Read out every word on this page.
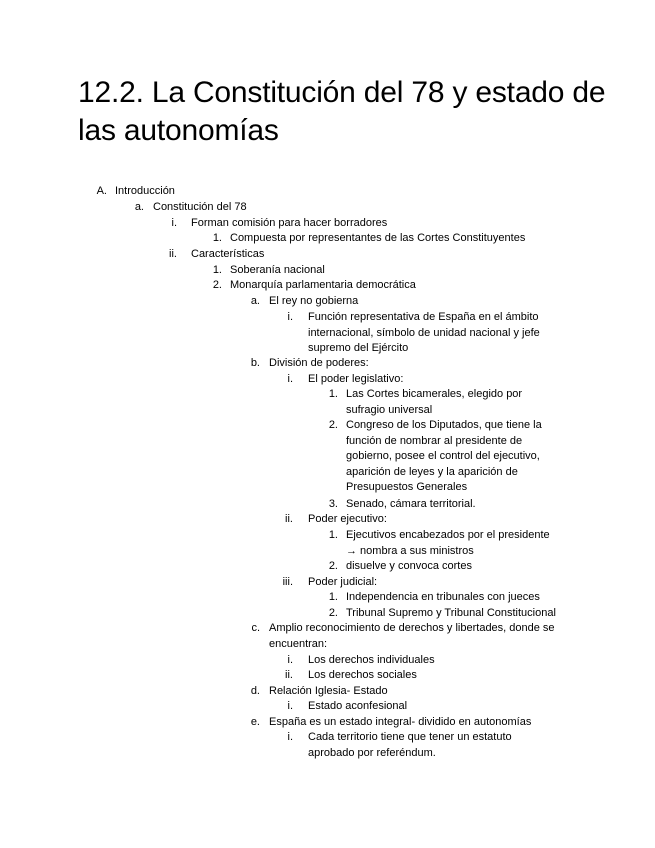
12.2. La Constitución del 78 y estado de las autonomías
A. Introducción
a. Constitución del 78
i. Forman comisión para hacer borradores
1. Compuesta por representantes de las Cortes Constituyentes
ii. Características
1. Soberanía nacional
2. Monarquía parlamentaria democrática
a. El rey no gobierna
i. Función representativa de España en el ámbito
internacional, símbolo de unidad nacional y jefe
supremo del Ejército
b. División de poderes:
i. El poder legislativo:
1. Las Cortes bicamerales, elegido por
sufragio universal
2. Congreso de los Diputados, que tiene la
función de nombrar al presidente de
gobierno, posee el control del ejecutivo,
aparición de leyes y la aparición de
Presupuestos Generales
3. Senado, cámara territorial.
ii. Poder ejecutivo:
1. Ejecutivos encabezados por el presidente
→ nombra a sus ministros
2. disuelve y convoca cortes
iii. Poder judicial:
1. Independencia en tribunales con jueces
2. Tribunal Supremo y Tribunal Constitucional
c. Amplio reconocimiento de derechos y libertades, donde se
encuentran:
i. Los derechos individuales
ii. Los derechos sociales
d. Relación Iglesia- Estado
i. Estado aconfesional
e. España es un estado integral- dividido en autonomías
i. Cada territorio tiene que tener un estatuto
aprobado por referéndum.
